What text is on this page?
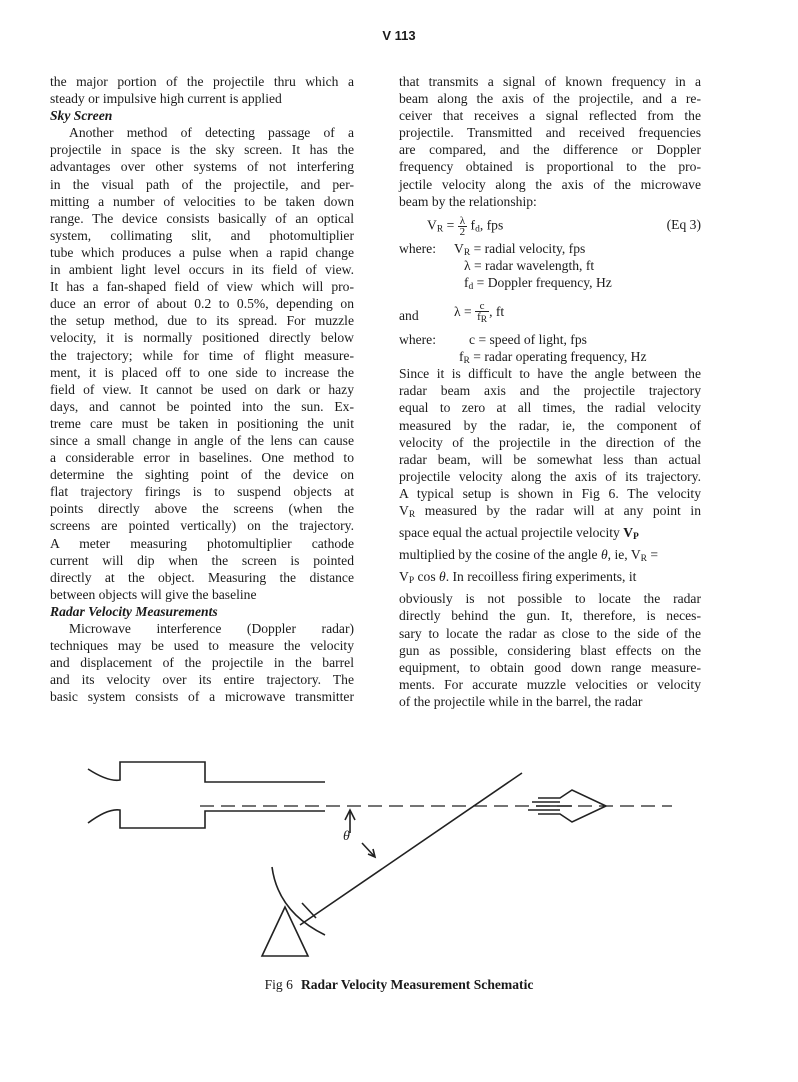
V 113
the major portion of the projectile thru which a
steady or impulsive high current is applied
Sky Screen
Another method of detecting passage of a
projectile in space is the sky screen. It has the
advantages over other systems of not interfering
in the visual path of the projectile, and per-
mitting a number of velocities to be taken down
range. The device consists basically of an optical
system, collimating slit, and photomultiplier
tube which produces a pulse when a rapid change
in ambient light level occurs in its field of view.
It has a fan-shaped field of view which will pro-
duce an error of about 0.2 to 0.5%, depending on
the setup method, due to its spread. For muzzle
velocity, it is normally positioned directly below
the trajectory; while for time of flight measure-
ment, it is placed off to one side to increase the
field of view. It cannot be used on dark or hazy
days, and cannot be pointed into the sun. Ex-
treme care must be taken in positioning the unit
since a small change in angle of the lens can cause
a considerable error in baselines. One method to
determine the sighting point of the device on
flat trajectory firings is to suspend objects at
points directly above the screens (when the
screens are pointed vertically) on the trajectory.
A meter measuring photomultiplier cathode
current will dip when the screen is pointed
directly at the object. Measuring the distance
between objects will give the baseline
Radar Velocity Measurements
Microwave interference (Doppler radar)
techniques may be used to measure the velocity
and displacement of the projectile in the barrel
and its velocity over its entire trajectory. The
basic system consists of a microwave transmitter
that transmits a signal of known frequency in a
beam along the axis of the projectile, and a re-
ceiver that receives a signal reflected from the
projectile. Transmitted and received frequencies
are compared, and the difference or Doppler
frequency obtained is proportional to the pro-
jectile velocity along the axis of the microwave
beam by the relationship:
$V_R = \frac{\lambda}{2} f_d$, fps	(Eq 3)
where: $V_R$ = radial velocity, fps
λ = radar wavelength, ft
$f_d$ = Doppler frequency, Hz
and	$\lambda = \frac{c}{f_R}$ , ft
where: c = speed of light, fps
$f_R$ = radar operating frequency, Hz
Since it is difficult to have the angle between the
radar beam axis and the projectile trajectory
equal to zero at all times, the radial velocity
measured by the radar, ie, the component of
velocity of the projectile in the direction of the
radar beam, will be somewhat less than actual
projectile velocity along the axis of its trajectory.
A typical setup is shown in Fig 6. The velocity
$V_R$ measured by the radar will at any point in
space equal the actual projectile velocity $V_P$
multiplied by the cosine of the angle θ, ie, $V_R$ =
$V_P$ cos θ. In recoilless firing experiments, it
obviously is not possible to locate the radar
directly behind the gun. It, therefore, is neces-
sary to locate the radar as close to the side of the
gun as possible, considering blast effects on the
equipment, to obtain good down range measure-
ments. For accurate muzzle velocities or velocity
of the projectile while in the barrel, the radar
θ
Fig 6 Radar Velocity Measurement Schematic
